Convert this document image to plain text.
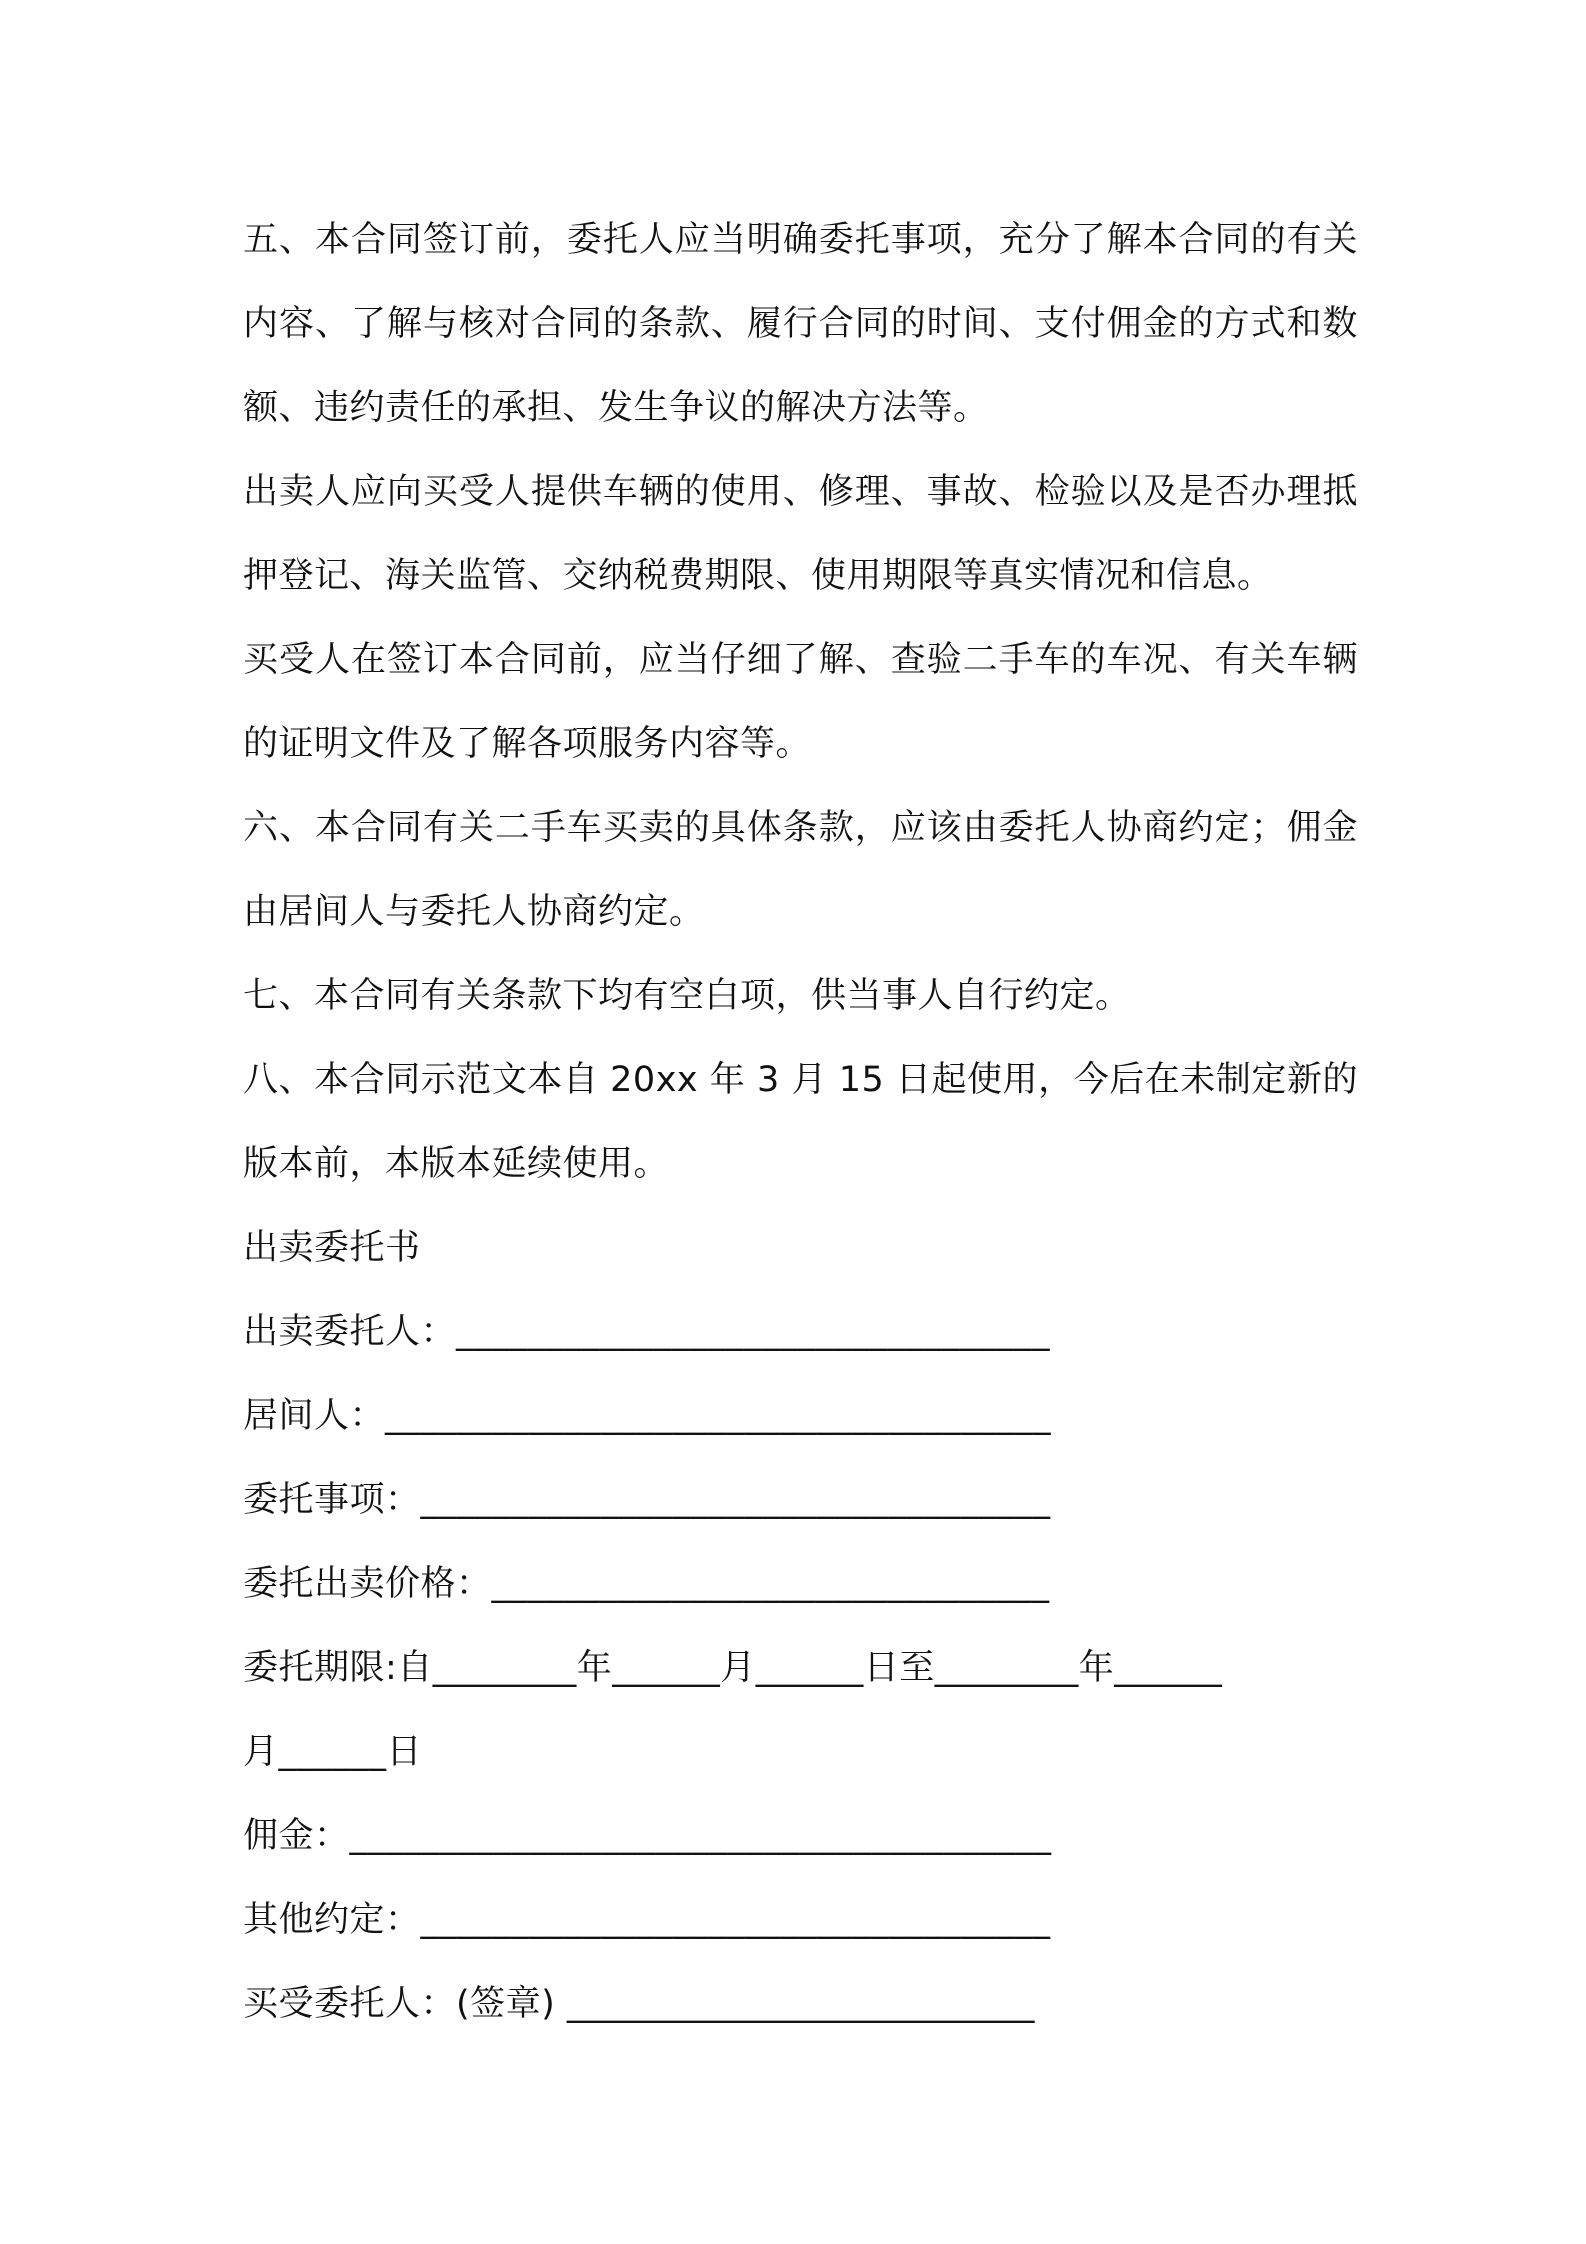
五、本合同签订前，委托人应当明确委托事项，充分了解本合同的有关内容、了解与核对合同的条款、履行合同的时间、支付佣金的方式和数额、违约责任的承担、发生争议的解决方法等。

出卖人应向买受人提供车辆的使用、修理、事故、检验以及是否办理抵押登记、海关监管、交纳税费期限、使用期限等真实情况和信息。

买受人在签订本合同前，应当仔细了解、查验二手车的车况、有关车辆的证明文件及了解各项服务内容等。

六、本合同有关二手车买卖的具体条款，应该由委托人协商约定；佣金由居间人与委托人协商约定。

七、本合同有关条款下均有空白项，供当事人自行约定。

八、本合同示范文本自 20xx 年 3 月 15 日起使用，今后在未制定新的版本前，本版本延续使用。

出卖委托书

出卖委托人：_________________________________

居间人：_____________________________________

委托事项：___________________________________

委托出卖价格：_______________________________

委托期限:自________年______月______日至________年______

月______日

佣金：_______________________________________

其他约定：___________________________________

买受委托人：(签章) __________________________
